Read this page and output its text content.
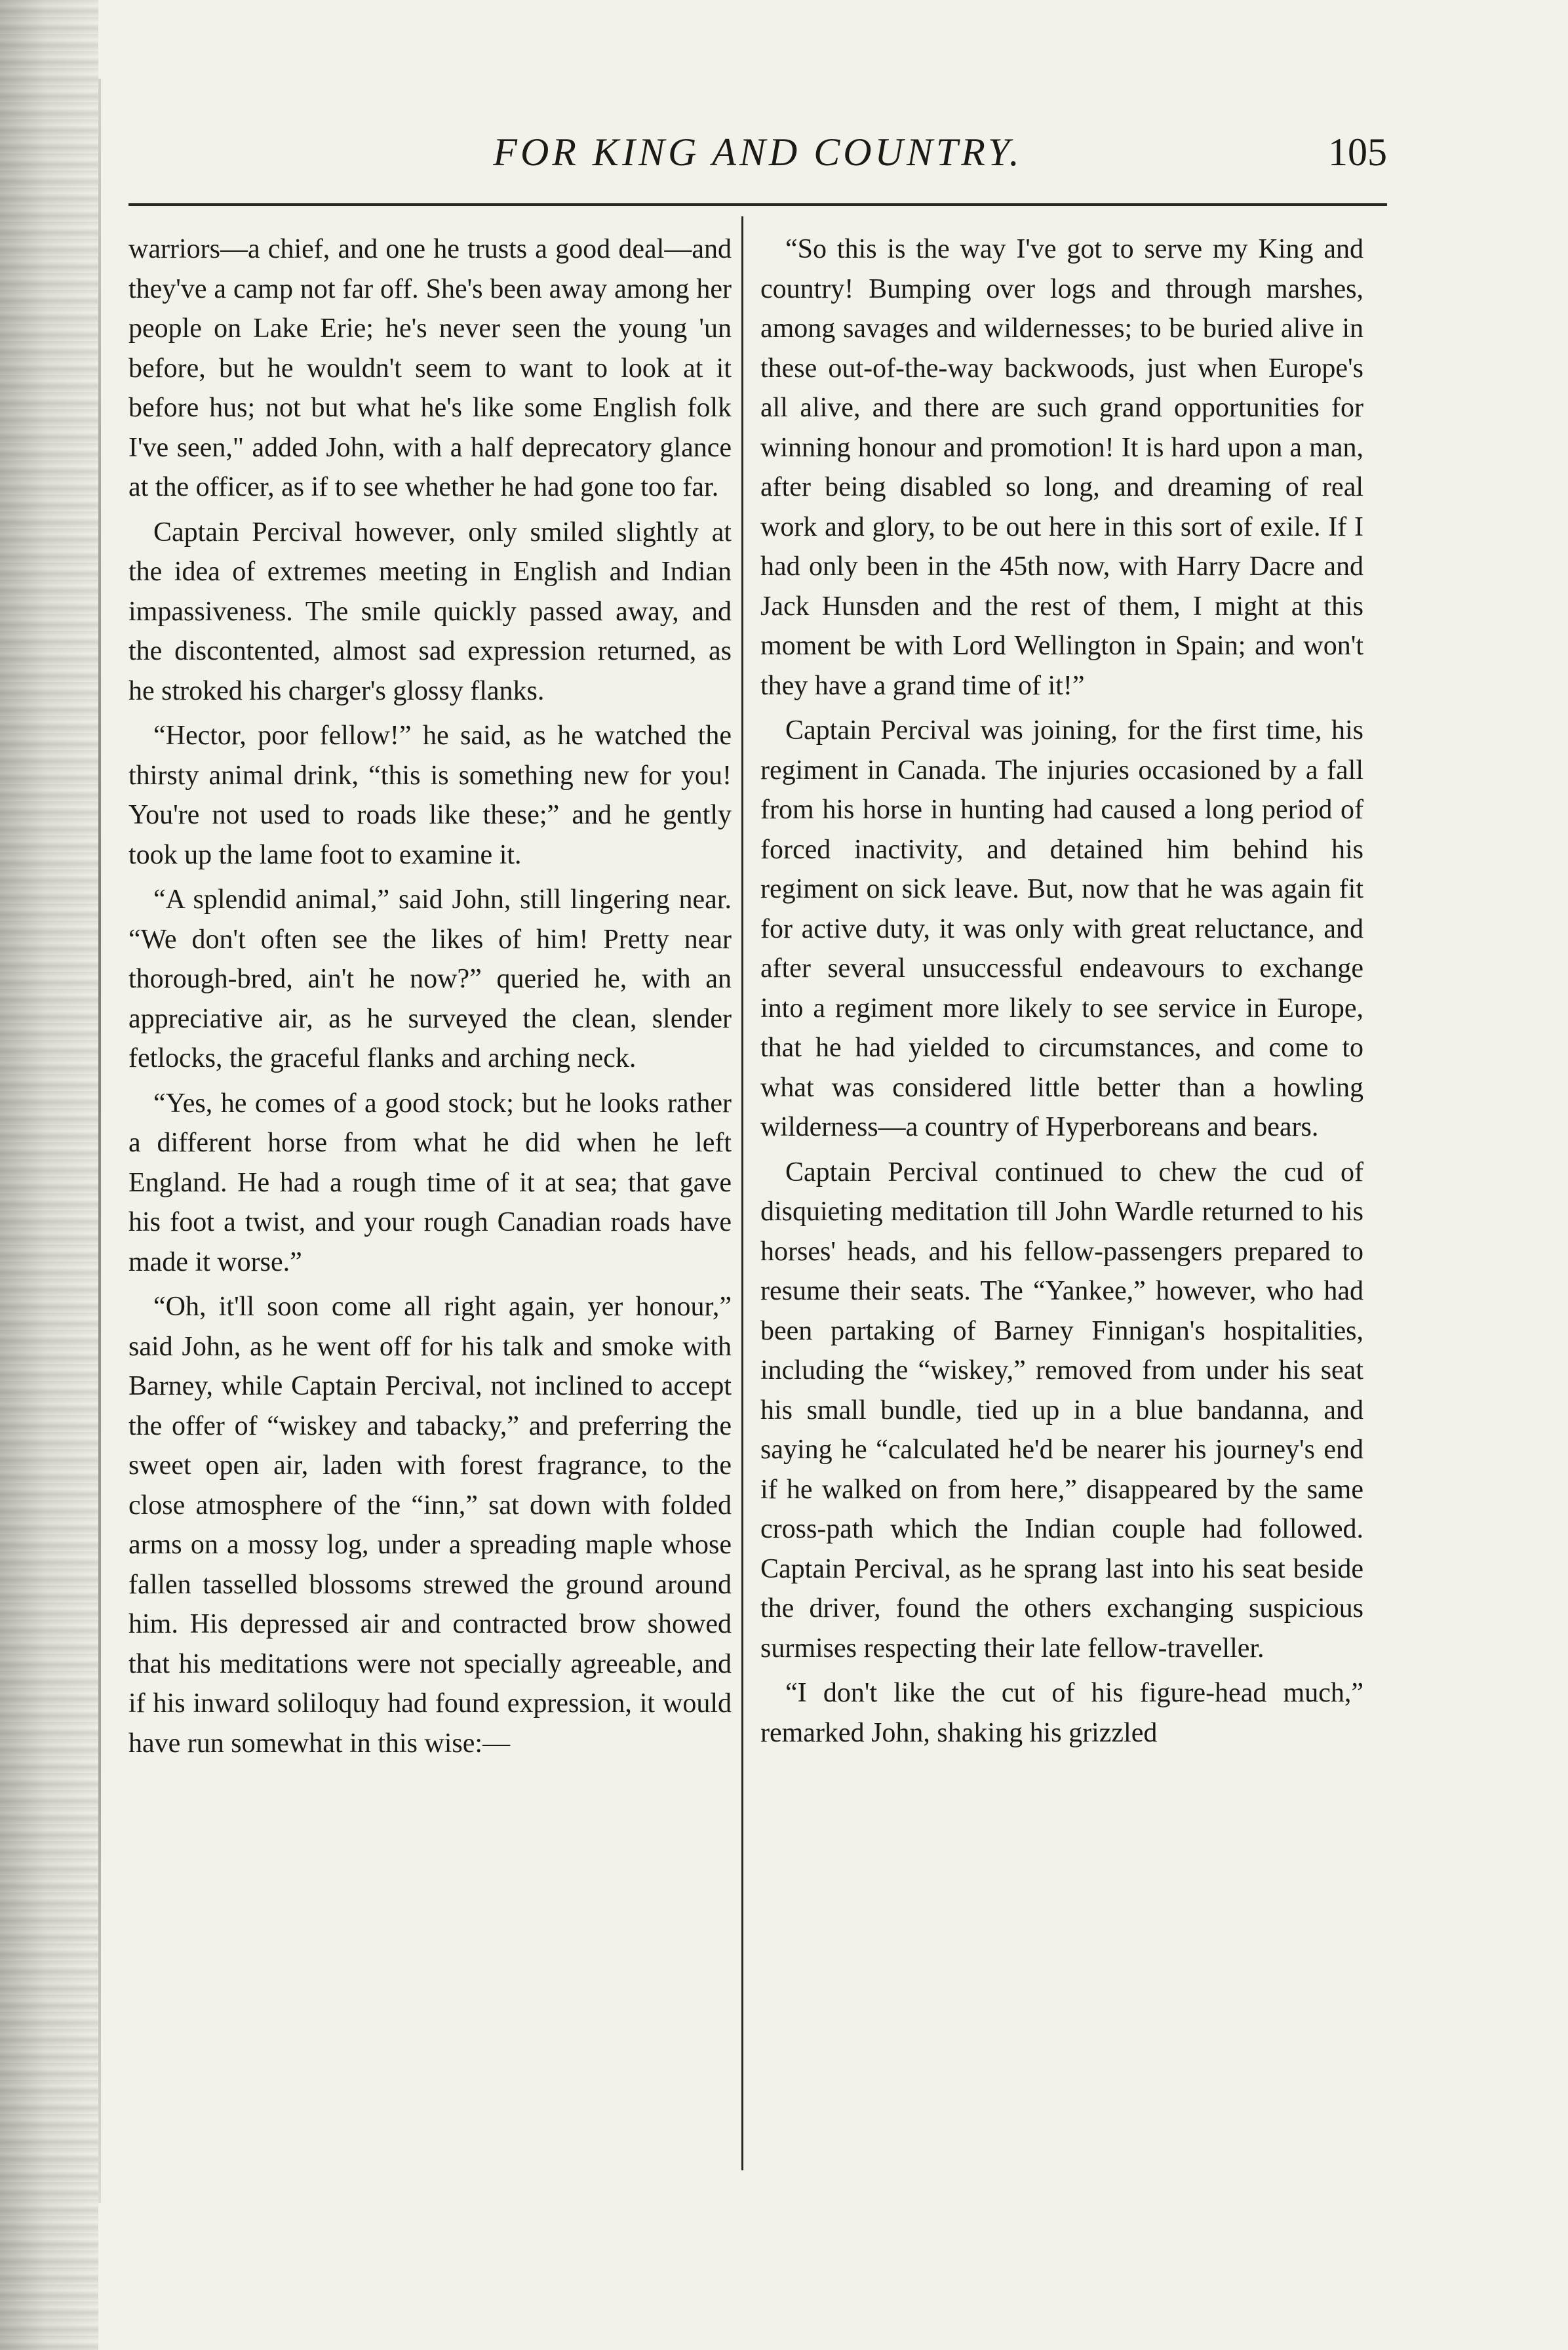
FOR KING AND COUNTRY.	105

warriors—a chief, and one he trusts a good deal—and they've a camp not far off. She's been away among her people on Lake Erie; he's never seen the young 'un before, but he wouldn't seem to want to look at it before hus; not but what he's like some English folk I've seen," added John, with a half deprecatory glance at the officer, as if to see whether he had gone too far.

Captain Percival however, only smiled slightly at the idea of extremes meeting in English and Indian impassiveness. The smile quickly passed away, and the discontented, almost sad expression returned, as he stroked his charger's glossy flanks.

“Hector, poor fellow!” he said, as he watched the thirsty animal drink, “this is something new for you! You're not used to roads like these;” and he gently took up the lame foot to examine it.

“A splendid animal,” said John, still lingering near. “We don't often see the likes of him! Pretty near thorough-bred, ain't he now?” queried he, with an appreciative air, as he surveyed the clean, slender fetlocks, the graceful flanks and arching neck.

“Yes, he comes of a good stock; but he looks rather a different horse from what he did when he left England. He had a rough time of it at sea; that gave his foot a twist, and your rough Canadian roads have made it worse.”

“Oh, it'll soon come all right again, yer honour,” said John, as he went off for his talk and smoke with Barney, while Captain Percival, not inclined to accept the offer of “wiskey and tabacky,” and preferring the sweet open air, laden with forest fragrance, to the close atmosphere of the “inn,” sat down with folded arms on a mossy log, under a spreading maple whose fallen tasselled blossoms strewed the ground around him. His depressed air and contracted brow showed that his meditations were not specially agreeable, and if his inward soliloquy had found expression, it would have run somewhat in this wise:—

“So this is the way I've got to serve my King and country! Bumping over logs and through marshes, among savages and wildernesses; to be buried alive in these out-of-the-way backwoods, just when Europe's all alive, and there are such grand opportunities for winning honour and promotion! It is hard upon a man, after being disabled so long, and dreaming of real work and glory, to be out here in this sort of exile. If I had only been in the 45th now, with Harry Dacre and Jack Hunsden and the rest of them, I might at this moment be with Lord Wellington in Spain; and won't they have a grand time of it!”

Captain Percival was joining, for the first time, his regiment in Canada. The injuries occasioned by a fall from his horse in hunting had caused a long period of forced inactivity, and detained him behind his regiment on sick leave. But, now that he was again fit for active duty, it was only with great reluctance, and after several unsuccessful endeavours to exchange into a regiment more likely to see service in Europe, that he had yielded to circumstances, and come to what was considered little better than a howling wilderness—a country of Hyperboreans and bears.

Captain Percival continued to chew the cud of disquieting meditation till John Wardle returned to his horses' heads, and his fellow-passengers prepared to resume their seats. The “Yankee,” however, who had been partaking of Barney Finnigan's hospitalities, including the “wiskey,” removed from under his seat his small bundle, tied up in a blue bandanna, and saying he “calculated he'd be nearer his journey's end if he walked on from here,” disappeared by the same cross-path which the Indian couple had followed. Captain Percival, as he sprang last into his seat beside the driver, found the others exchanging suspicious surmises respecting their late fellow-traveller.

“I don't like the cut of his figure-head much,” remarked John, shaking his grizzled
